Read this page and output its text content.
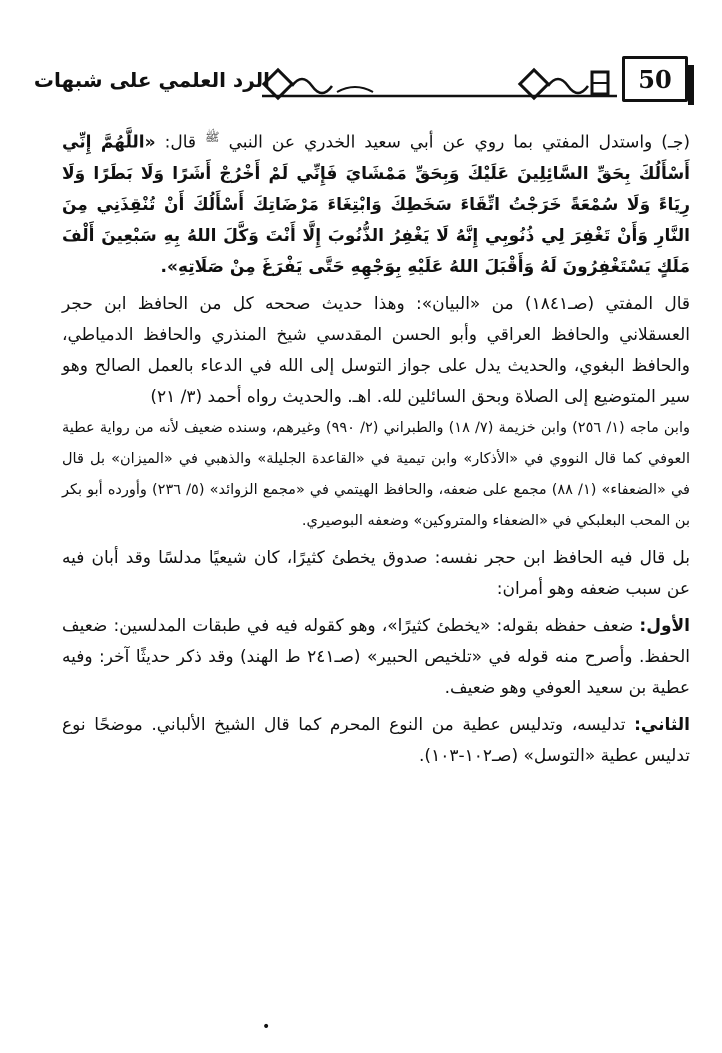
الرد العلمي على شبهات	50

(جـ) واستدل المفتي بما روي عن أبي سعيد الخدري عن النبي $^ﷺ$ قال: «اللَّهُمَّ إِنِّي أَسْأَلُكَ بِحَقِّ السَّائِلِينَ عَلَيْكَ وَبِحَقِّ مَمْشَايَ فَإِنِّي لَمْ أَخْرُجْ أَشَرًا وَلَا بَطَرًا وَلَا رِيَاءً وَلَا سُمْعَةً خَرَجْتُ اتِّقَاءَ سَخَطِكَ وَابْتِغَاءَ مَرْضَاتِكَ أَسْأَلُكَ أَنْ تُنْقِذَنِي مِنَ النَّارِ وَأَنْ تَغْفِرَ لِي ذُنُوبِي إِنَّهُ لَا يَغْفِرُ الذُّنُوبَ إِلَّا أَنْتَ وَكَّلَ اللهُ بِهِ سَبْعِينَ أَلْفَ مَلَكٍ يَسْتَغْفِرُونَ لَهُ وَأَقْبَلَ اللهُ عَلَيْهِ بِوَجْهِهِ حَتَّى يَفْرَغَ مِنْ صَلَاتِهِ».

قال المفتي (صـ١٨٤١) من «البيان»: وهذا حديث صححه كل من الحافظ ابن حجر العسقلاني والحافظ العراقي وأبو الحسن المقدسي شيخ المنذري والحافظ الدمياطي، والحافظ البغوي، والحديث يدل على جواز التوسل إلى الله في الدعاء بالعمل الصالح وهو سير المتوضيع إلى الصلاة وبحق السائلين لله. اهـ. والحديث رواه أحمد (٣/ ٢١)

وابن ماجه (١/ ٢٥٦) وابن خزيمة (٧/ ١٨) والطبراني (٢/ ٩٩٠) وغيرهم، وسنده ضعيف لأنه من رواية عطية العوفي كما قال النووي في «الأذكار» وابن تيمية في «القاعدة الجليلة» والذهبي في «الميزان» بل قال في «الضعفاء» (١/ ٨٨) مجمع على ضعفه، والحافظ الهيتمي في «مجمع الزوائد» (٥/ ٢٣٦) وأورده أبو بكر بن المحب البعلبكي في «الضعفاء والمتروكين» وضعفه البوصيري.

بل قال فيه الحافظ ابن حجر نفسه: صدوق يخطئ كثيرًا، كان شيعيًا مدلسًا وقد أبان فيه عن سبب ضعفه وهو أمران:

الأول: ضعف حفظه بقوله: «يخطئ كثيرًا»، وهو كقوله فيه في طبقات المدلسين: ضعيف الحفظ. وأصرح منه قوله في «تلخيص الحبير» (صـ٢٤١ ط الهند) وقد ذكر حديثًا آخر: وفيه عطية بن سعيد العوفي وهو ضعيف.

الثاني: تدليسه، وتدليس عطية من النوع المحرم كما قال الشيخ الألباني. موضحًا نوع تدليس عطية «التوسل» (صـ١٠٢-١٠٣).

•
